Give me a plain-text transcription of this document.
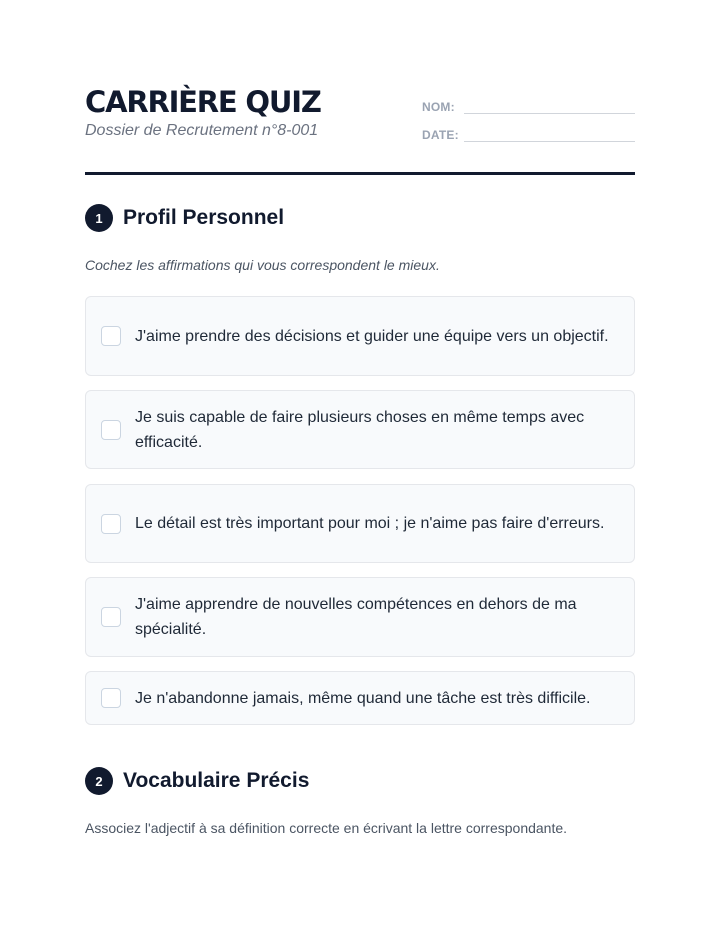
CARRIÈRE QUIZ
Dossier de Recrutement n°8-001
NOM:
DATE:
1 Profil Personnel
Cochez les affirmations qui vous correspondent le mieux.
J'aime prendre des décisions et guider une équipe vers un objectif.
Je suis capable de faire plusieurs choses en même temps avec efficacité.
Le détail est très important pour moi ; je n'aime pas faire d'erreurs.
J'aime apprendre de nouvelles compétences en dehors de ma spécialité.
Je n'abandonne jamais, même quand une tâche est très difficile.
2 Vocabulaire Précis
Associez l'adjectif à sa définition correcte en écrivant la lettre correspondante.
